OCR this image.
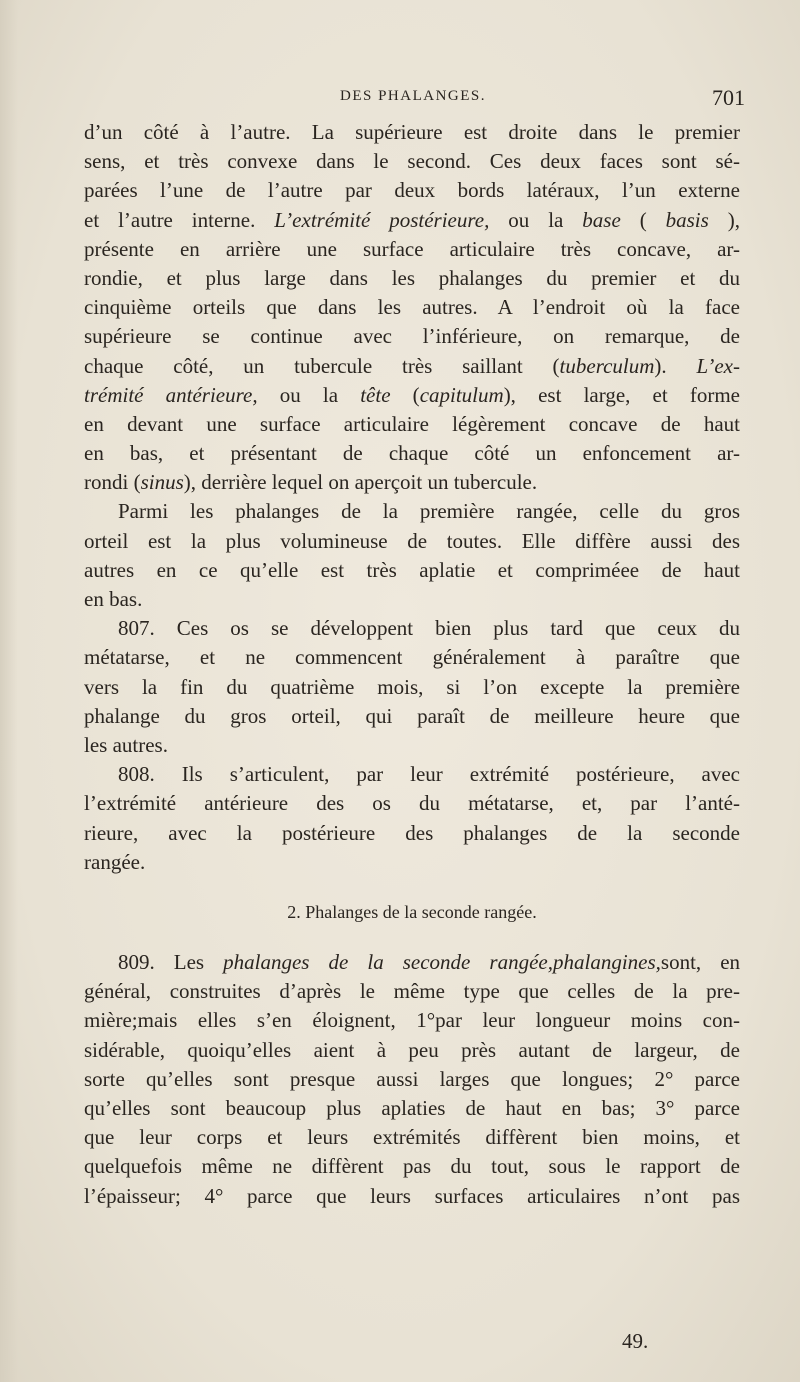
DES PHALANGES.	701
d’un côté à l’autre. La supérieure est droite dans le premier
sens, et très convexe dans le second. Ces deux faces sont sé-
parées l’une de l’autre par deux bords latéraux, l’un externe
et l’autre interne. L’extrémité postérieure, ou la base ( basis ),
présente en arrière une surface articulaire très concave, ar-
rondie, et plus large dans les phalanges du premier et du
cinquième orteils que dans les autres. A l’endroit où la face
supérieure se continue avec l’inférieure, on remarque, de
chaque côté, un tubercule très saillant (tuberculum). L’ex-
trémité antérieure, ou la tête (capitulum), est large, et forme
en devant une surface articulaire légèrement concave de haut
en bas, et présentant de chaque côté un enfoncement ar-
rondi (sinus), derrière lequel on aperçoit un tubercule.
Parmi les phalanges de la première rangée, celle du gros
orteil est la plus volumineuse de toutes. Elle diffère aussi des
autres en ce qu’elle est très aplatie et compriméee de haut
en bas.
807. Ces os se développent bien plus tard que ceux du
métatarse, et ne commencent généralement à paraître que
vers la fin du quatrième mois, si l’on excepte la première
phalange du gros orteil, qui paraît de meilleure heure que
les autres.
808. Ils s’articulent, par leur extrémité postérieure, avec
l’extrémité antérieure des os du métatarse, et, par l’anté-
rieure, avec la postérieure des phalanges de la seconde
rangée.
2. Phalanges de la seconde rangée.
809. Les phalanges de la seconde rangée,phalangines,sont, en
général, construites d’après le même type que celles de la pre-
mière;mais elles s’en éloignent, 1°par leur longueur moins con-
sidérable, quoiqu’elles aient à peu près autant de largeur, de
sorte qu’elles sont presque aussi larges que longues; 2° parce
qu’elles sont beaucoup plus aplaties de haut en bas; 3° parce
que leur corps et leurs extrémités diffèrent bien moins, et
quelquefois même ne diffèrent pas du tout, sous le rapport de
l’épaisseur; 4° parce que leurs surfaces articulaires n’ont pas
49.
